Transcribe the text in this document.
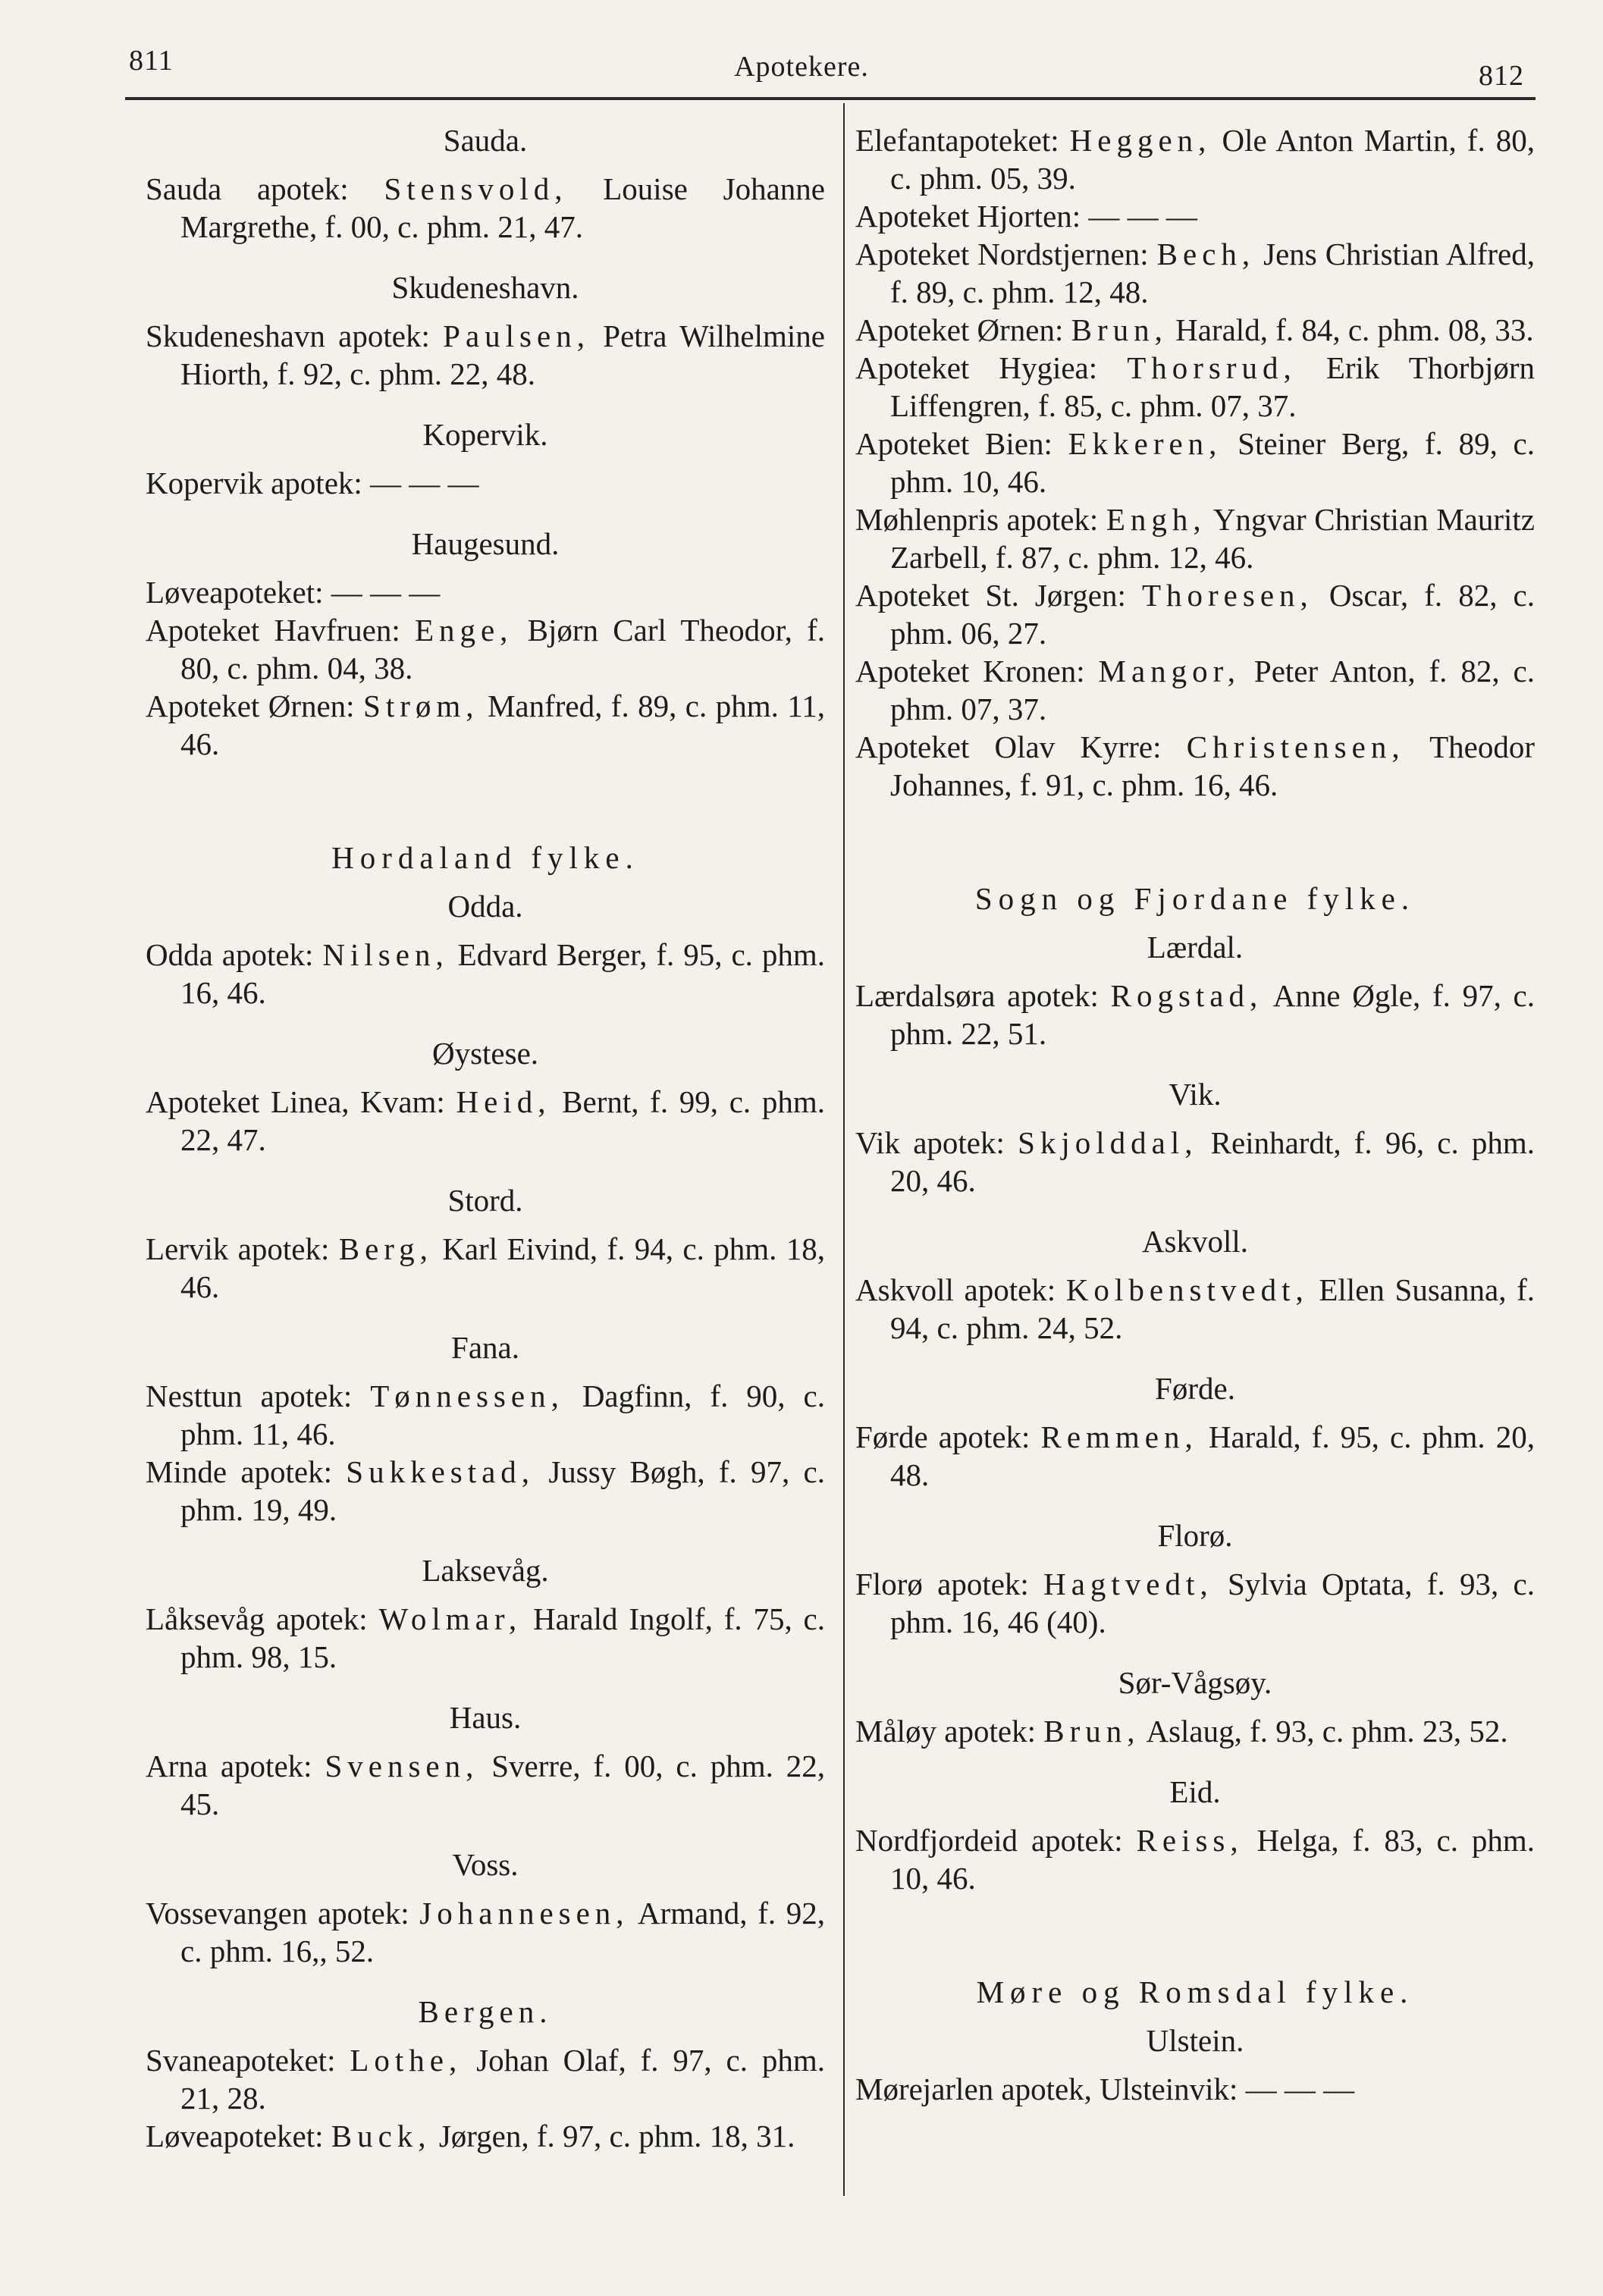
811	Apotekere.	812
Sauda.

Sauda apotek: Stensvold, Louise Johanne Margrethe, f. 00, c. phm. 21, 47.

Skudeneshavn.

Skudeneshavn apotek: Paulsen, Petra Wilhelmine Hiorth, f. 92, c. phm. 22, 48.

Kopervik.

Kopervik apotek: — — —

Haugesund.

Løveapoteket: — — —

Apoteket Havfruen: Enge, Bjørn Carl Theodor, f. 80, c. phm. 04, 38.

Apoteket Ørnen: Strøm, Manfred, f. 89, c. phm. 11, 46.

Hordaland fylke.
Odda.

Odda apotek: Nilsen, Edvard Berger, f. 95, c. phm. 16, 46.

Øystese.

Apoteket Linea, Kvam: Heid, Bernt, f. 99, c. phm. 22, 47.

Stord.

Lervik apotek: Berg, Karl Eivind, f. 94, c. phm. 18, 46.

Fana.

Nesttun apotek: Tønnessen, Dagfinn, f. 90, c. phm. 11, 46.

Minde apotek: Sukkestad, Jussy Bøgh, f. 97, c. phm. 19, 49.

Laksevåg.

Låksevåg apotek: Wolmar, Harald Ingolf, f. 75, c. phm. 98, 15.

Haus.

Arna apotek: Svensen, Sverre, f. 00, c. phm. 22, 45.

Voss.

Vossevangen apotek: Johannesen, Armand, f. 92, c. phm. 16,, 52.

Bergen.

Svaneapoteket: Lothe, Johan Olaf, f. 97, c. phm. 21, 28.

Løveapoteket: Buck, Jørgen, f. 97, c. phm. 18, 31.

Elefantapoteket: Heggen, Ole Anton Martin, f. 80, c. phm. 05, 39.

Apoteket Hjorten: — — —

Apoteket Nordstjernen: Bech, Jens Christian Alfred, f. 89, c. phm. 12, 48.

Apoteket Ørnen: Brun, Harald, f. 84, c. phm. 08, 33.

Apoteket Hygiea: Thorsrud, Erik Thorbjørn Liffengren, f. 85, c. phm. 07, 37.

Apoteket Bien: Ekkeren, Steiner Berg, f. 89, c. phm. 10, 46.

Møhlenpris apotek: Engh, Yngvar Christian Mauritz Zarbell, f. 87, c. phm. 12, 46.

Apoteket St. Jørgen: Thoresen, Oscar, f. 82, c. phm. 06, 27.

Apoteket Kronen: Mangor, Peter Anton, f. 82, c. phm. 07, 37.

Apoteket Olav Kyrre: Christensen, Theodor Johannes, f. 91, c. phm. 16, 46.

Sogn og Fjordane fylke.
Lærdal.

Lærdalsøra apotek: Rogstad, Anne Øgle, f. 97, c. phm. 22, 51.

Vik.

Vik apotek: Skjolddal, Reinhardt, f. 96, c. phm. 20, 46.

Askvoll.

Askvoll apotek: Kolbenstvedt, Ellen Susanna, f. 94, c. phm. 24, 52.

Førde.

Førde apotek: Remmen, Harald, f. 95, c. phm. 20, 48.

Florø.

Florø apotek: Hagtvedt, Sylvia Optata, f. 93, c. phm. 16, 46 (40).

Sør-Vågsøy.

Måløy apotek: Brun, Aslaug, f. 93, c. phm. 23, 52.

Eid.

Nordfjordeid apotek: Reiss, Helga, f. 83, c. phm. 10, 46.

Møre og Romsdal fylke.
Ulstein.

Mørejarlen apotek, Ulsteinvik: — — —
